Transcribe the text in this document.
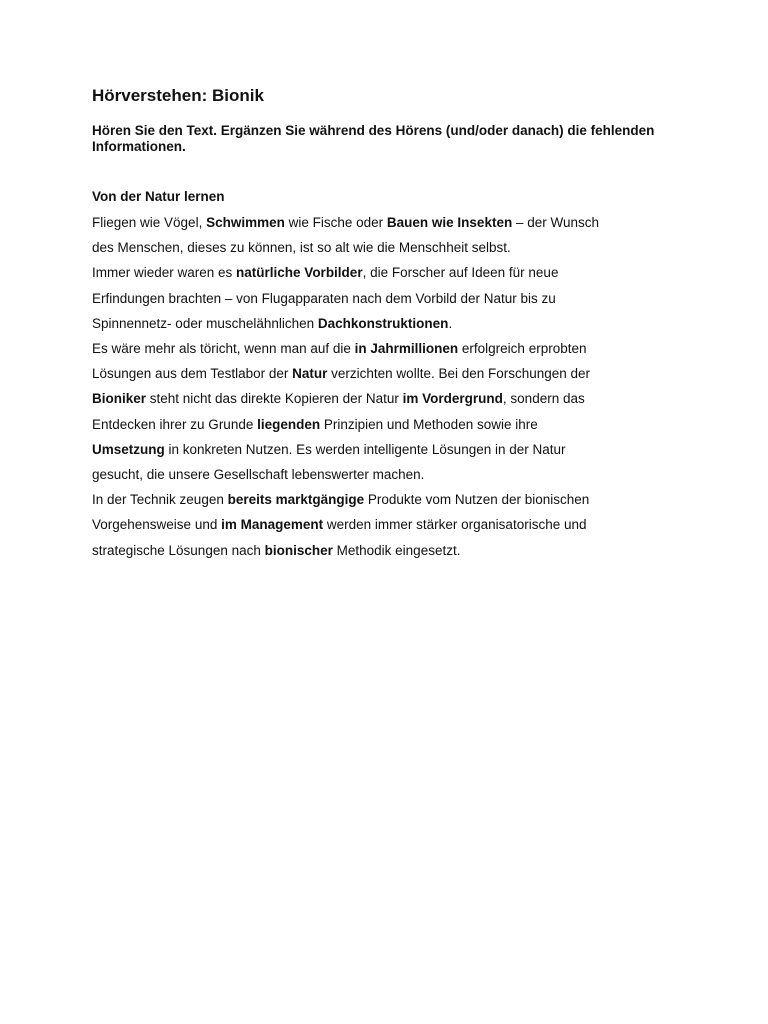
Hörverstehen: Bionik

Hören Sie den Text. Ergänzen Sie während des Hörens (und/oder danach) die fehlenden Informationen.

Von der Natur lernen
Fliegen wie Vögel, Schwimmen wie Fische oder Bauen wie Insekten – der Wunsch
des Menschen, dieses zu können, ist so alt wie die Menschheit selbst.
Immer wieder waren es natürliche Vorbilder, die Forscher auf Ideen für neue
Erfindungen brachten – von Flugapparaten nach dem Vorbild der Natur bis zu
Spinnennetz- oder muschelähnlichen Dachkonstruktionen.
Es wäre mehr als töricht, wenn man auf die in Jahrmillionen erfolgreich erprobten
Lösungen aus dem Testlabor der Natur verzichten wollte. Bei den Forschungen der
Bioniker steht nicht das direkte Kopieren der Natur im Vordergrund, sondern das
Entdecken ihrer zu Grunde liegenden Prinzipien und Methoden sowie ihre
Umsetzung in konkreten Nutzen. Es werden intelligente Lösungen in der Natur
gesucht, die unsere Gesellschaft lebenswerter machen.
In der Technik zeugen bereits marktgängige Produkte vom Nutzen der bionischen
Vorgehensweise und im Management werden immer stärker organisatorische und
strategische Lösungen nach bionischer Methodik eingesetzt.
